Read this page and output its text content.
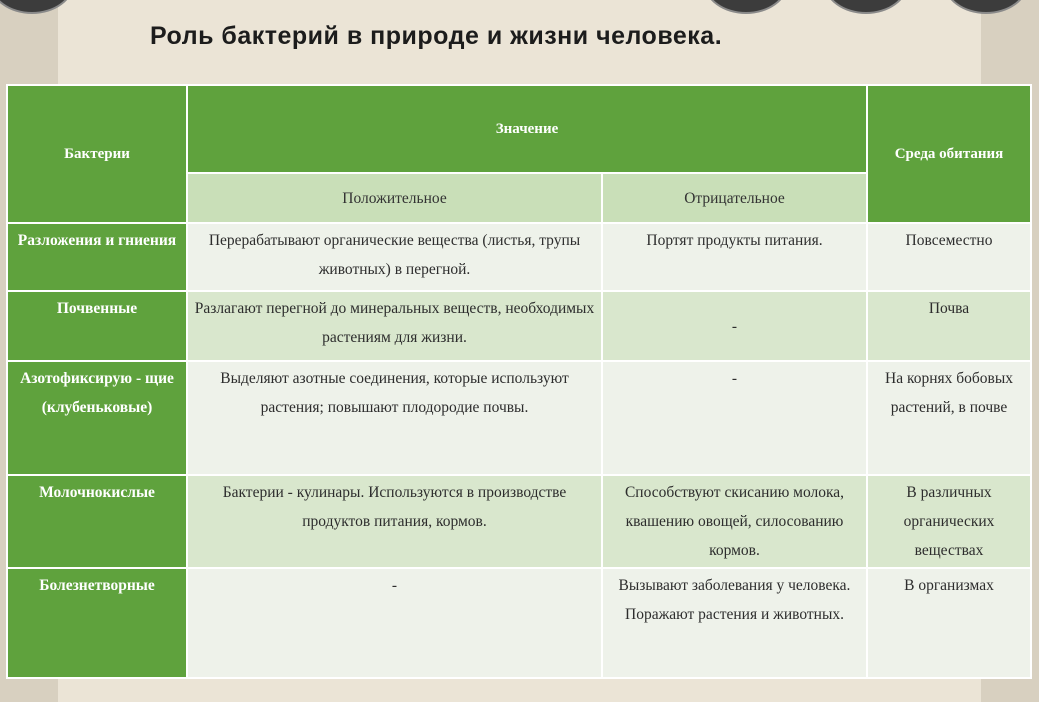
Роль бактерий в природе и жизни человека.
Бактерии	Значение		Среда обитания
	Положительное	Отрицательное	
Разложения и гниения	Перерабатывают органические вещества (листья, трупы животных) в перегной.	Портят продукты питания.	Повсеместно
Почвенные	Разлагают перегной до минеральных веществ, необходимых растениям для жизни.	-	Почва
Азотофиксирую - щие (клубеньковые)	Выделяют азотные соединения, которые используют растения; повышают плодородие почвы.	-	На корнях бобовых растений, в почве
Молочнокислые	Бактерии - кулинары. Используются в производстве продуктов питания, кормов.	Способствуют скисанию молока, квашению овощей, силосованию кормов.	В различных органических веществах
Болезнетворные	-	Вызывают заболевания у человека. Поражают растения и животных.	В организмах
